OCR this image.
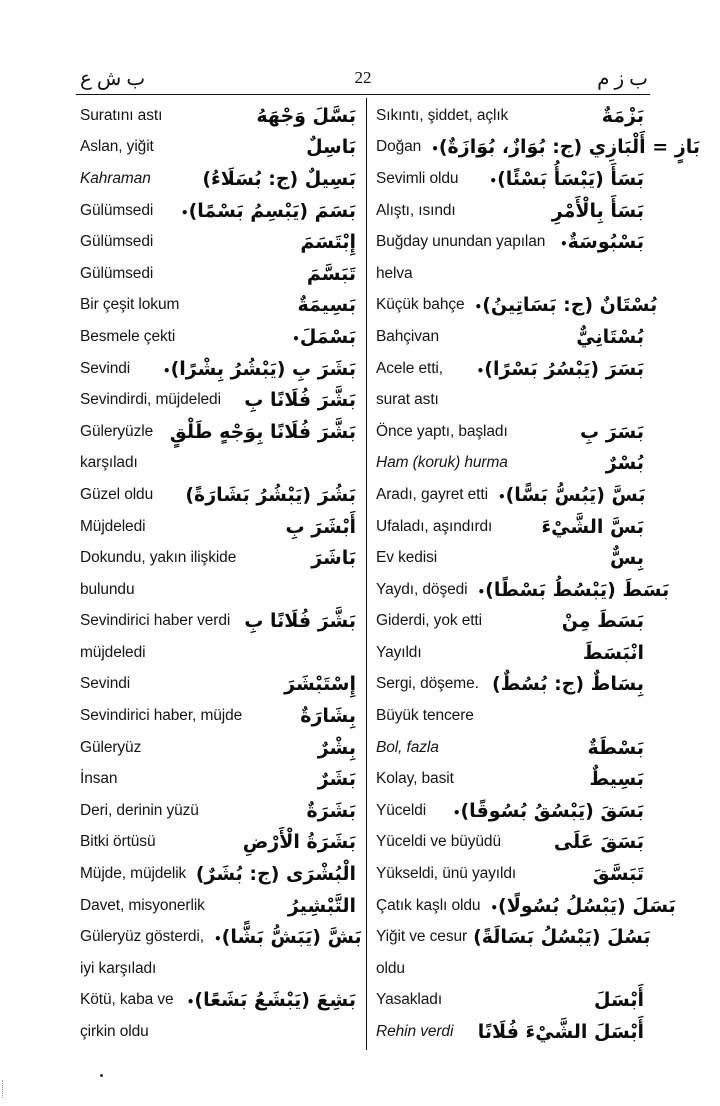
ب ش ع	22	ب ز م
Suratını astı	بَسَّلَ وَجْهَهُ
Aslan, yiğit	بَاسِلٌ
Kahraman	بَسِيلٌ (ج: بُسَلَاءُ)
Gülümsedi	بَسَمَ (يَبْسِمُ بَسْمًا)•
Gülümsedi	إِبْتَسَمَ
Gülümsedi	تَبَسَّمَ
Bir çeşit lokum	بَسِيمَةٌ
Besmele çekti	بَسْمَلَ•
Sevindi	بَشَرَ بِ (يَبْشُرُ بِشْرًا)•
Sevindirdi, müjdeledi بَشَّرَ فُلَانًا بِ
Güleryüzle بَشَّرَ فُلَانًا بِوَجْهٍ طَلْقٍ
karşıladı
Güzel oldu بَشُرَ (يَبْشُرُ بَشَارَةً)
Müjdeledi	أَبْشَرَ بِ
Dokundu, yakın ilişkide	بَاشَرَ
bulundu
Sevindirici haber verdi بَشَّرَ فُلَانًا بِ
müjdeledi
Sevindi	إِسْتَبْشَرَ
Sevindirici haber, müjde	بِشَارَةٌ
Güleryüz	بِشْرٌ
İnsan	بَشَرٌ
Deri, derinin yüzü	بَشَرَةٌ
Bitki örtüsü	بَشَرَةُ الْأَرْضِ
Müjde, müjdelik الْبُشْرَى (ج: بُشَرٌ)
Davet, misyonerlik	التَّبْشِيرُ
Güleryüz gösterdi, بَشَّ (يَبَشُّ بَشًّا)•
iyi karşıladı
Kötü, kaba ve	بَشِعَ (يَبْشَعُ بَشَعًا)•
çirkin oldu
Sıkıntı, şiddet, açlık	بَزْمَةٌ
Doğan بَازٍ = أَلْبَازِي (ج: بُوَازٌ، بُوَازَةٌ)•
Sevimli oldu	بَسَأَ (يَبْسَأُ بَسْئًا)•
Alıştı, ısındı	بَسَأَ بِالْأَمْرِ
Buğday unundan yapılan	بَسْبُوسَةٌ•
helva
Küçük bahçe بُسْتَانٌ (ج: بَسَاتِينُ)•
Bahçivan	بُسْتَانِيٌّ
Acele etti,	بَسَرَ (يَبْسُرُ بَسْرًا)•
surat astı
Önce yaptı, başladı	بَسَرَ بِ
Ham (koruk) hurma	بُسْرٌ
Aradı, gayret etti بَسَّ (يَبُسُّ بَسًّا)•
Ufaladı, aşındırdı	بَسَّ الشَّيْءَ
Ev kedisi	بِسٌّ
Yaydı, döşedi بَسَطَ (يَبْسُطُ بَسْطًا)•
Giderdi, yok etti	بَسَطَ مِنْ
Yayıldı	انْبَسَطَ
Sergi, döşeme. بِسَاطٌ (ج: بُسُطٌ)
Büyük tencere
Bol, fazla	بَسْطَةٌ
Kolay, basit	بَسِيطٌ
Yüceldi	بَسَقَ (يَبْسُقُ بُسُوقًا)•
Yüceldi ve büyüdü	بَسَقَ عَلَى
Yükseldi, ünü yayıldı	تَبَسَّقَ
Çatık kaşlı oldu بَسَلَ (يَبْسُلُ بُسُولًا)•
Yiğit ve cesur بَسُلَ (يَبْسُلُ بَسَالَةً)
oldu
Yasakladı	أَبْسَلَ
Rehin verdi أَبْسَلَ الشَّيْءَ فُلَانًا
